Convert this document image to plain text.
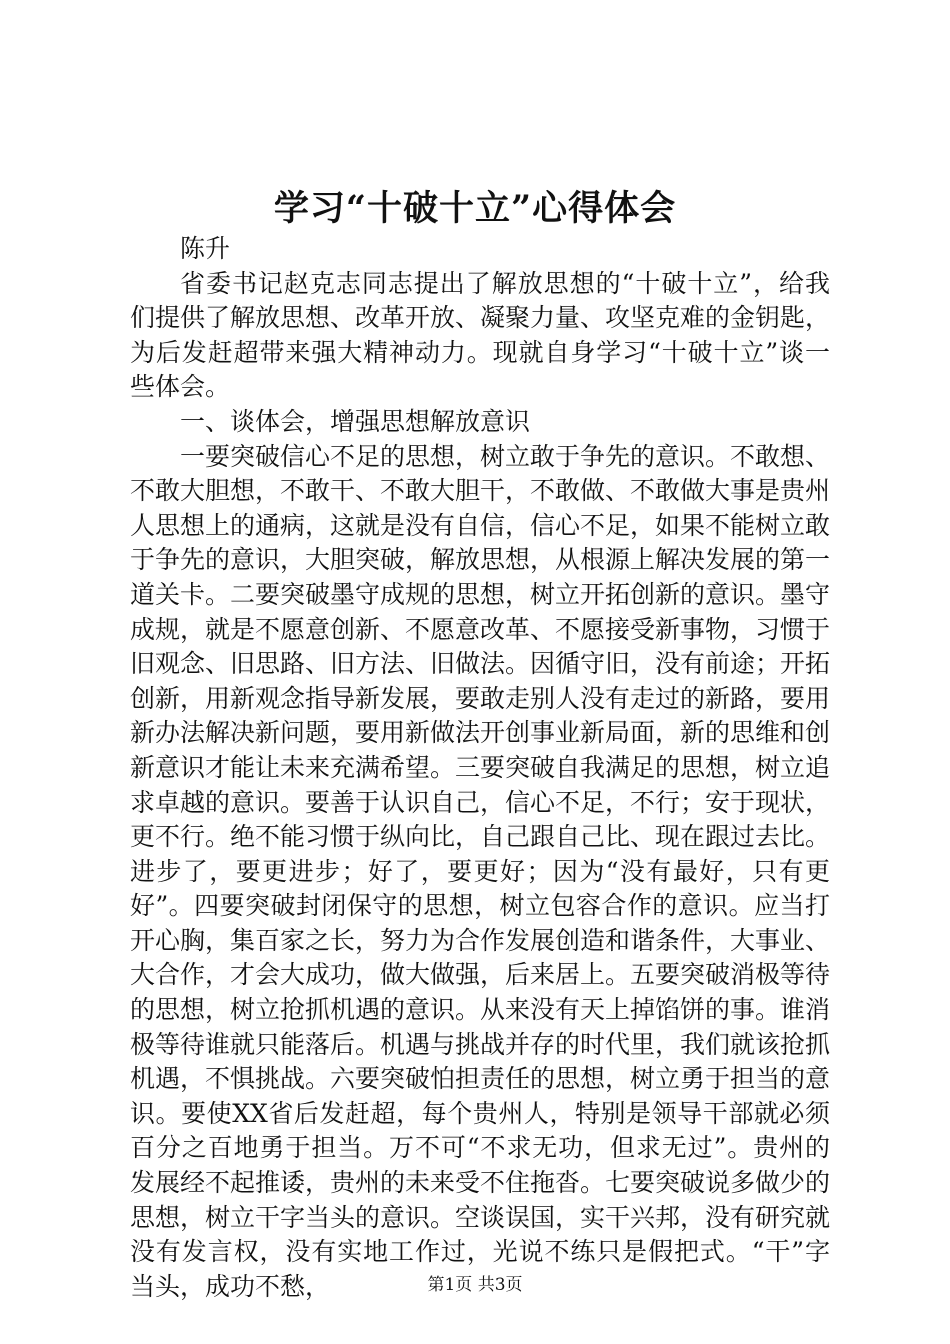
学习“十破十立”心得体会

陈升

省委书记赵克志同志提出了解放思想的“十破十立”，给我们提供了解放思想、改革开放、凝聚力量、攻坚克难的金钥匙，为后发赶超带来强大精神动力。现就自身学习“十破十立”谈一些体会。

一、谈体会，增强思想解放意识

一要突破信心不足的思想，树立敢于争先的意识。不敢想、不敢大胆想，不敢干、不敢大胆干，不敢做、不敢做大事是贵州人思想上的通病，这就是没有自信，信心不足，如果不能树立敢于争先的意识，大胆突破，解放思想，从根源上解决发展的第一道关卡。二要突破墨守成规的思想，树立开拓创新的意识。墨守成规，就是不愿意创新、不愿意改革、不愿接受新事物，习惯于旧观念、旧思路、旧方法、旧做法。因循守旧，没有前途；开拓创新，用新观念指导新发展，要敢走别人没有走过的新路，要用新办法解决新问题，要用新做法开创事业新局面，新的思维和创新意识才能让未来充满希望。三要突破自我满足的思想，树立追求卓越的意识。要善于认识自己，信心不足，不行；安于现状，更不行。绝不能习惯于纵向比，自己跟自己比、现在跟过去比。进步了，要更进步；好了，要更好；因为“没有最好，只有更好”。四要突破封闭保守的思想，树立包容合作的意识。应当打开心胸，集百家之长，努力为合作发展创造和谐条件，大事业、大合作，才会大成功，做大做强，后来居上。五要突破消极等待的思想，树立抢抓机遇的意识。从来没有天上掉馅饼的事。谁消极等待谁就只能落后。机遇与挑战并存的时代里，我们就该抢抓机遇，不惧挑战。六要突破怕担责任的思想，树立勇于担当的意识。要使XX省后发赶超，每个贵州人，特别是领导干部就必须百分之百地勇于担当。万不可“不求无功，但求无过”。贵州的发展经不起推诿，贵州的未来受不住拖沓。七要突破说多做少的思想，树立干字当头的意识。空谈误国，实干兴邦，没有研究就没有发言权，没有实地工作过，光说不练只是假把式。“干”字当头，成功不愁，	第1页 共3页
